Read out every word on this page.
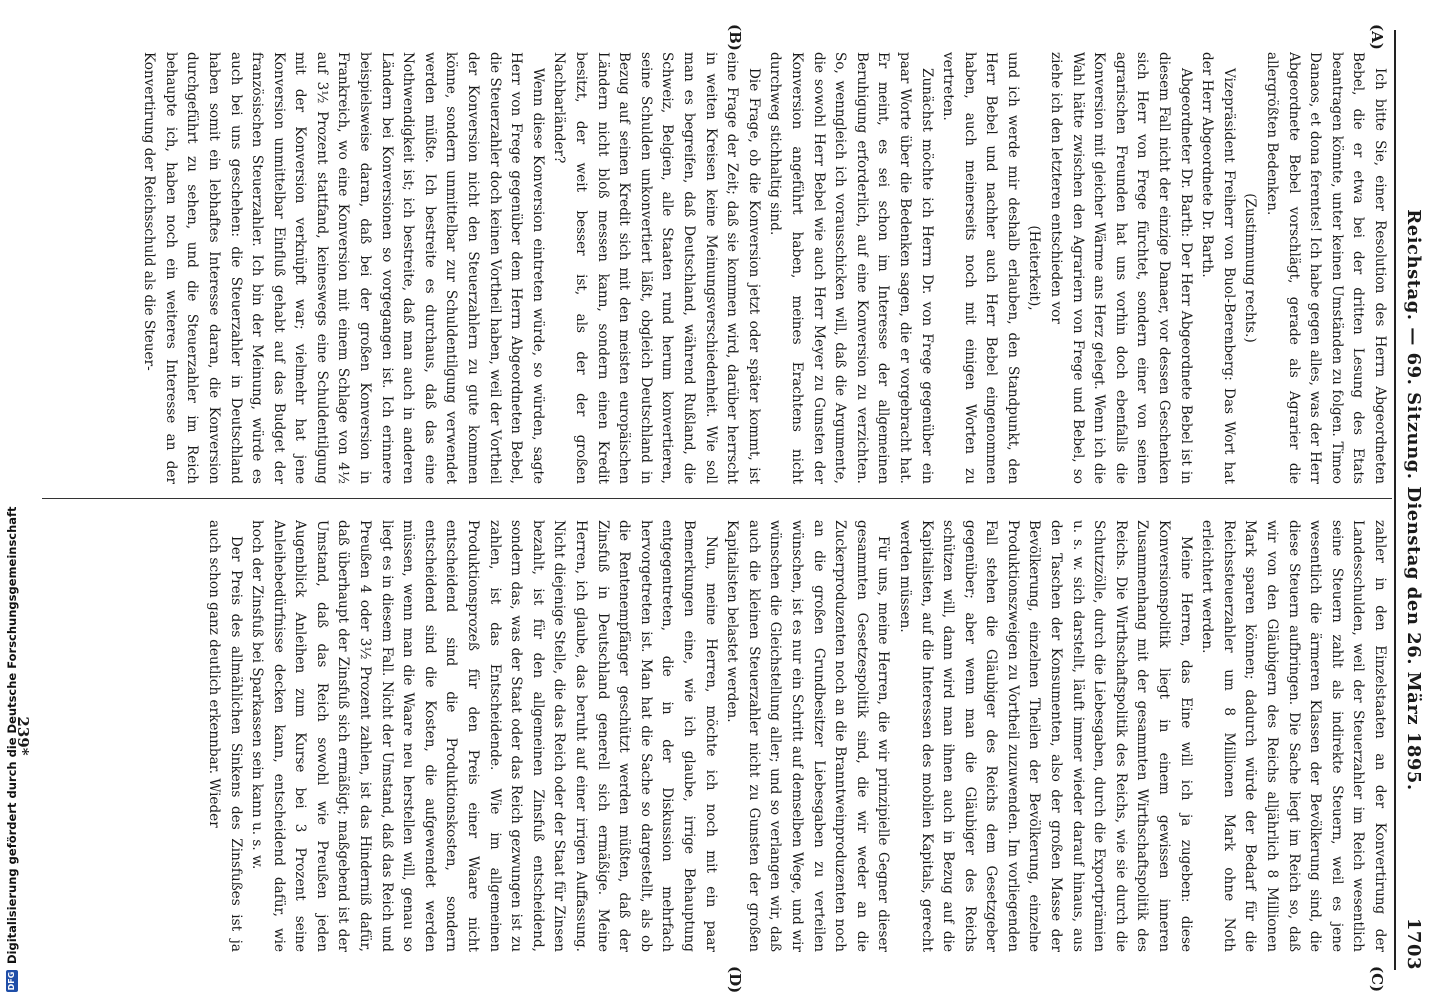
Reichstag. — 69. Sitzung. Dienstag den 26. März 1895.
1703
(A)
(B)
(C)
(D)

Ich bitte Sie, einer Resolution des Herrn Abgeordneten Bebel, die er etwa bei der dritten Lesung des Etats beantragen könnte, unter keinen Umständen zu folgen. Timeo Danaos, et dona ferentes! Ich habe gegen alles, was der Herr Abgeordnete Bebel vorschlägt, gerade als Agrarier die allergrößten Bedenken.

(Zustimmung rechts.)

Vizepräsident Freiherr von Buol-Berenberg: Das Wort hat der Herr Abgeordnete Dr. Barth.

Abgeordneter Dr. Barth: Der Herr Abgeordnete Bebel ist in diesem Fall nicht der einzige Danaer, vor dessen Geschenken sich Herr von Frege fürchtet, sondern einer von seinen agrarischen Freunden hat uns vorhin doch ebenfalls die Konversion mit gleicher Wärme ans Herz gelegt. Wenn ich die Wahl hätte zwischen den Agrariern von Frege und Bebel, so ziehe ich den letzteren entschieden vor

(Heiterkeit),

und ich werde mir deshalb erlauben, den Standpunkt, den Herr Bebel und nachher auch Herr Bebel eingenommen haben, auch meinerseits noch mit einigen Worten zu vertreten.

Zunächst möchte ich Herrn Dr. von Frege gegenüber ein paar Worte über die Bedenken sagen, die er vorgebracht hat. Er meint, es sei schon im Interesse der allgemeinen Beruhigung erforderlich, auf eine Konversion zu verzichten. So, wenngleich ich vorausschicken will, daß die Argumente, die sowohl Herr Bebel wie auch Herr Meyer zu Gunsten der Konversion angeführt haben, meines Erachtens nicht durchweg stichhaltig sind.

Die Frage, ob die Konversion jetzt oder später kommt, ist eine Frage der Zeit; daß sie kommen wird, darüber herrscht in weiten Kreisen keine Meinungsverschiedenheit. Wie soll man es begreifen, daß Deutschland, während Rußland, die Schweiz, Belgien, alle Staaten rund herum konvertieren, seine Schulden unkonvertiert läßt, obgleich Deutschland in Bezug auf seinen Kredit sich mit den meisten europäischen Ländern nicht bloß messen kann, sondern einen Kredit besitzt, der weit besser ist, als der der großen Nachbarländer?

Wenn diese Konversion eintreten würde, so würden, sagte Herr von Frege gegenüber dem Herrn Abgeordneten Bebel, die Steuerzahler doch keinen Vortheil haben, weil der Vortheil der Konversion nicht den Steuerzahlern zu gute kommen könne, sondern unmittelbar zur Schuldentilgung verwendet werden müßte. Ich bestreite es durchaus, daß das eine Nothwendigkeit ist; ich bestreite, daß man auch in anderen Ländern bei Konversionen so vorgegangen ist. Ich erinnere beispielsweise daran, daß bei der großen Konversion in Frankreich, wo eine Konversion mit einem Schlage von 4½ auf 3½ Prozent stattfand, keineswegs eine Schuldentilgung mit der Konversion verknüpft war; vielmehr hat jene Konversion unmittelbar Einfluß gehabt auf das Budget der französischen Steuerzahler. Ich bin der Meinung, würde es auch bei uns geschehen: die Steuerzahler in Deutschland haben somit ein lebhaftes Interesse daran, die Konversion durchgeführt zu sehen, und die Steuerzahler im Reich behaupte ich, haben noch ein weiteres Interesse an der Konvertirung der Reichsschuld als die Steuer-

zahler in den Einzelstaaten an der Konvertirung der Landesschulden, weil der Steuerzahler im Reich wesentlich seine Steuern zahlt als indirekte Steuern, weil es jene wesentlich die ärmeren Klassen der Bevölkerung sind, die diese Steuern aufbringen. Die Sache liegt im Reich so, daß wir von den Gläubigern des Reichs alljährlich 8 Millionen Mark sparen können; dadurch würde der Bedarf für die Reichssteuerzahler um 8 Millionen Mark ohne Noth erleichtert werden.

Meine Herren, das Eine will ich ja zugeben: diese Konversionspolitik liegt in einem gewissen inneren Zusammenhang mit der gesammten Wirthschaftspolitik des Reichs. Die Wirthschaftspolitik des Reichs, wie sie durch die Schutzzölle, durch die Liebesgaben, durch die Exportprämien u. s. w. sich darstellt, läuft immer wieder darauf hinaus, aus den Taschen der Konsumenten, also der großen Masse der Bevölkerung, einzelnen Theilen der Bevölkerung, einzelne Produktionszweigen zu Vortheil zuzuwenden. Im vorliegenden Fall stehen die Gläubiger des Reichs dem Gesetzgeber gegenüber; aber wenn man die Gläubiger des Reichs schützen will, dann wird man ihnen auch in Bezug auf die Kapitalisten, auf die Interessen des mobilen Kapitals, gerecht werden müssen.

Für uns, meine Herren, die wir prinzipielle Gegner dieser gesammten Gesetzespolitik sind, die wir weder an die Zuckerproduzenten noch an die Branntweinproduzenten noch an die großen Grundbesitzer Liebesgaben zu verteilen wünschen, ist es nur ein Schritt auf demselben Wege, und wir wünschen die Gleichstellung aller; und so verlangen wir, daß auch die kleinen Steuerzahler nicht zu Gunsten der großen Kapitalisten belastet werden.

Nun, meine Herren, möchte ich noch mit ein paar Bemerkungen eine, wie ich glaube, irrige Behauptung entgegentreten, die in der Diskussion mehrfach hervorgetreten ist. Man hat die Sache so dargestellt, als ob die Rentenempfänger geschützt werden müßten, daß der Zinsfuß in Deutschland generell sich ermäßige. Meine Herren, ich glaube, das beruht auf einer irrigen Auffassung. Nicht diejenige Stelle, die das Reich oder der Staat für Zinsen bezahlt, ist für den allgemeinen Zinsfuß entscheidend, sondern das, was der Staat oder das Reich gezwungen ist zu zahlen, ist das Entscheidende. Wie im allgemeinen Produktionsprozeß für den Preis einer Waare nicht entscheidend sind die Produktionskosten, sondern entscheidend sind die Kosten, die aufgewendet werden müssen, wenn man die Waare neu herstellen will, genau so liegt es in diesem Fall. Nicht der Umstand, daß das Reich und Preußen 4 oder 3½ Prozent zahlen, ist das Hinderniß dafür, daß überhaupt der Zinsfuß sich ermäßigt; maßgebend ist der Umstand, daß das Reich sowohl wie Preußen jeden Augenblick Anleihen zum Kurse bei 3 Prozent seine Anleihebedürfnisse decken kann, entscheidend dafür, wie hoch der Zinsfuß bei Sparkassen sein kann u. s. w.

Der Preis des allmählichen Sinkens des Zinsfußes ist ja auch schon ganz deutlich erkennbar. Wieder

239*
DFG
Digitalisierung gefördert durch die Deutsche Forschungsgemeinschaft
